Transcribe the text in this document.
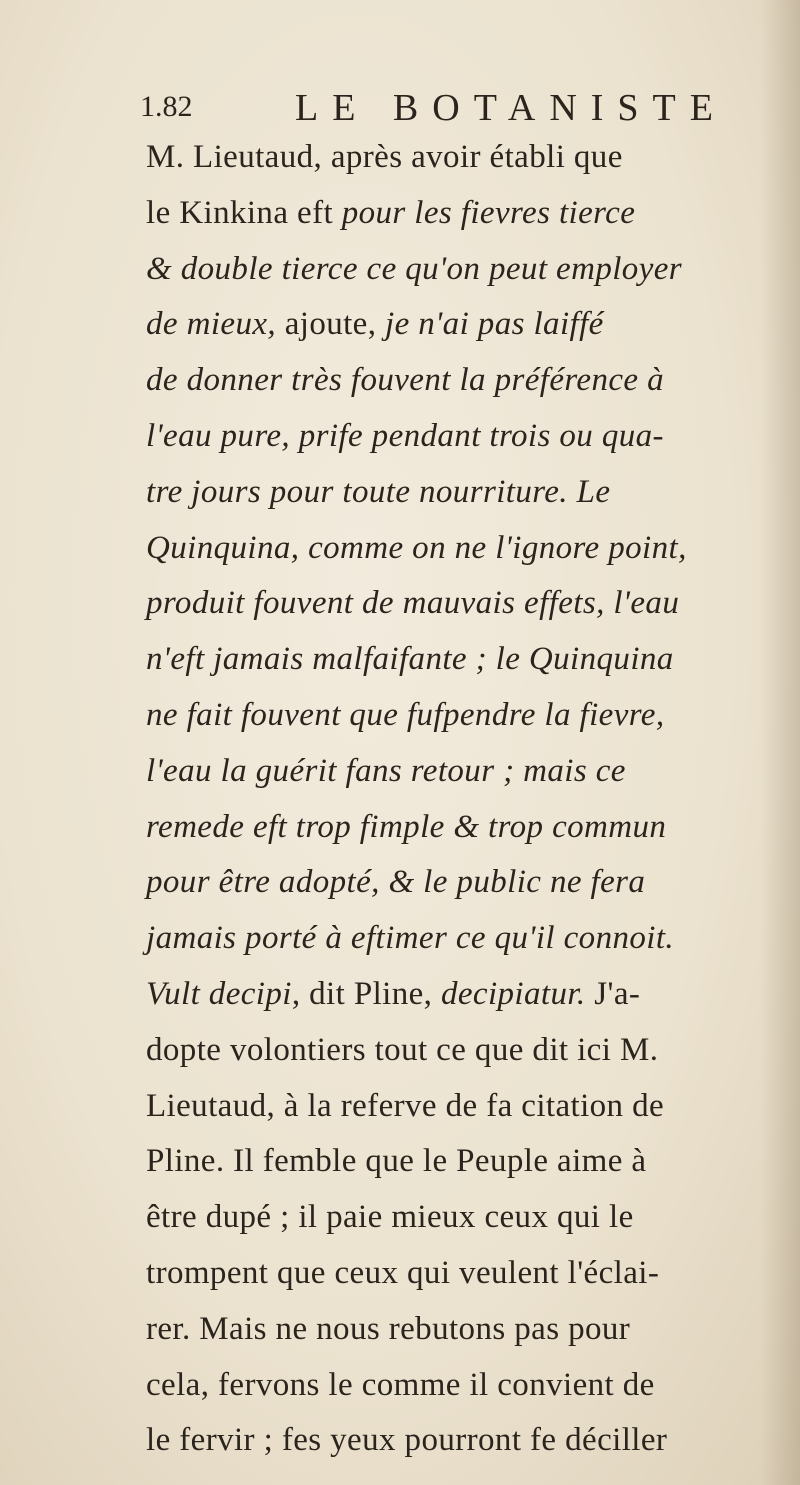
1.82	LE BOTANISTE
M. Lieutaud, après avoir établi que
le Kinkina eft pour les fievres tierce
& double tierce ce qu'on peut employer
de mieux, ajoute, je n'ai pas laiffé
de donner très fouvent la préférence à
l'eau pure, prife pendant trois ou qua-
tre jours pour toute nourriture. Le
Quinquina, comme on ne l'ignore point,
produit fouvent de mauvais effets, l'eau
n'eft jamais malfaifante ; le Quinquina
ne fait fouvent que fufpendre la fievre,
l'eau la guérit fans retour ; mais ce
remede eft trop fimple & trop commun
pour être adopté, & le public ne fera
jamais porté à eftimer ce qu'il connoit.
Vult decipi, dit Pline, decipiatur. J'a-
dopte volontiers tout ce que dit ici M.
Lieutaud, à la referve de fa citation de
Pline. Il femble que le Peuple aime à
être dupé ; il paie mieux ceux qui le
trompent que ceux qui veulent l'éclai-
rer. Mais ne nous rebutons pas pour
cela, fervons le comme il convient de
le fervir ; fes yeux pourront fe déciller
